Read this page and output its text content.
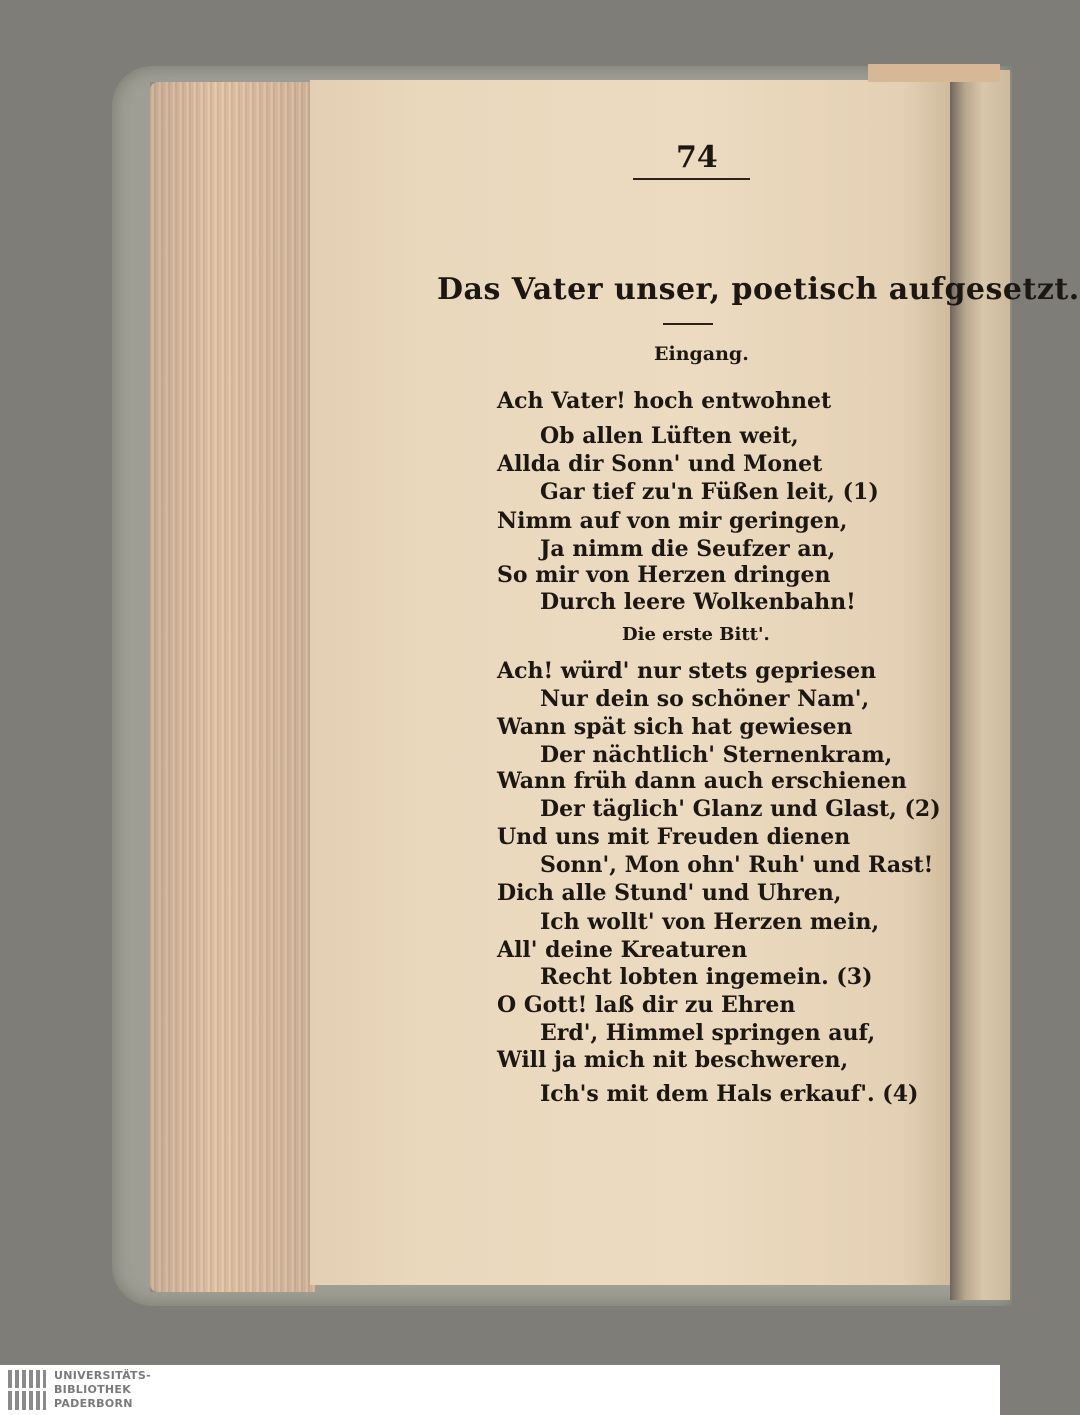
74
Das Vater unser, poetisch aufgesetzt.
Eingang.
Die erste Bitt'.
Ach Vater! hoch entwohnet
Ob allen Lüften weit,
Allda dir Sonn' und Monet
Gar tief zu'n Füßen leit, (1)
Nimm auf von mir geringen,
Ja nimm die Seufzer an,
So mir von Herzen dringen
Durch leere Wolkenbahn!
Ach! würd' nur stets gepriesen
Nur dein so schöner Nam',
Wann spät sich hat gewiesen
Der nächtlich' Sternenkram,
Wann früh dann auch erschienen
Der täglich' Glanz und Glast, (2)
Und uns mit Freuden dienen
Sonn', Mon ohn' Ruh' und Rast!
Dich alle Stund' und Uhren,
Ich wollt' von Herzen mein,
All' deine Kreaturen
Recht lobten ingemein. (3)
O Gott! laß dir zu Ehren
Erd', Himmel springen auf,
Will ja mich nit beschweren,
Ich's mit dem Hals erkauf'. (4)
UNIVERSITÄTS-
BIBLIOTHEK
PADERBORN
